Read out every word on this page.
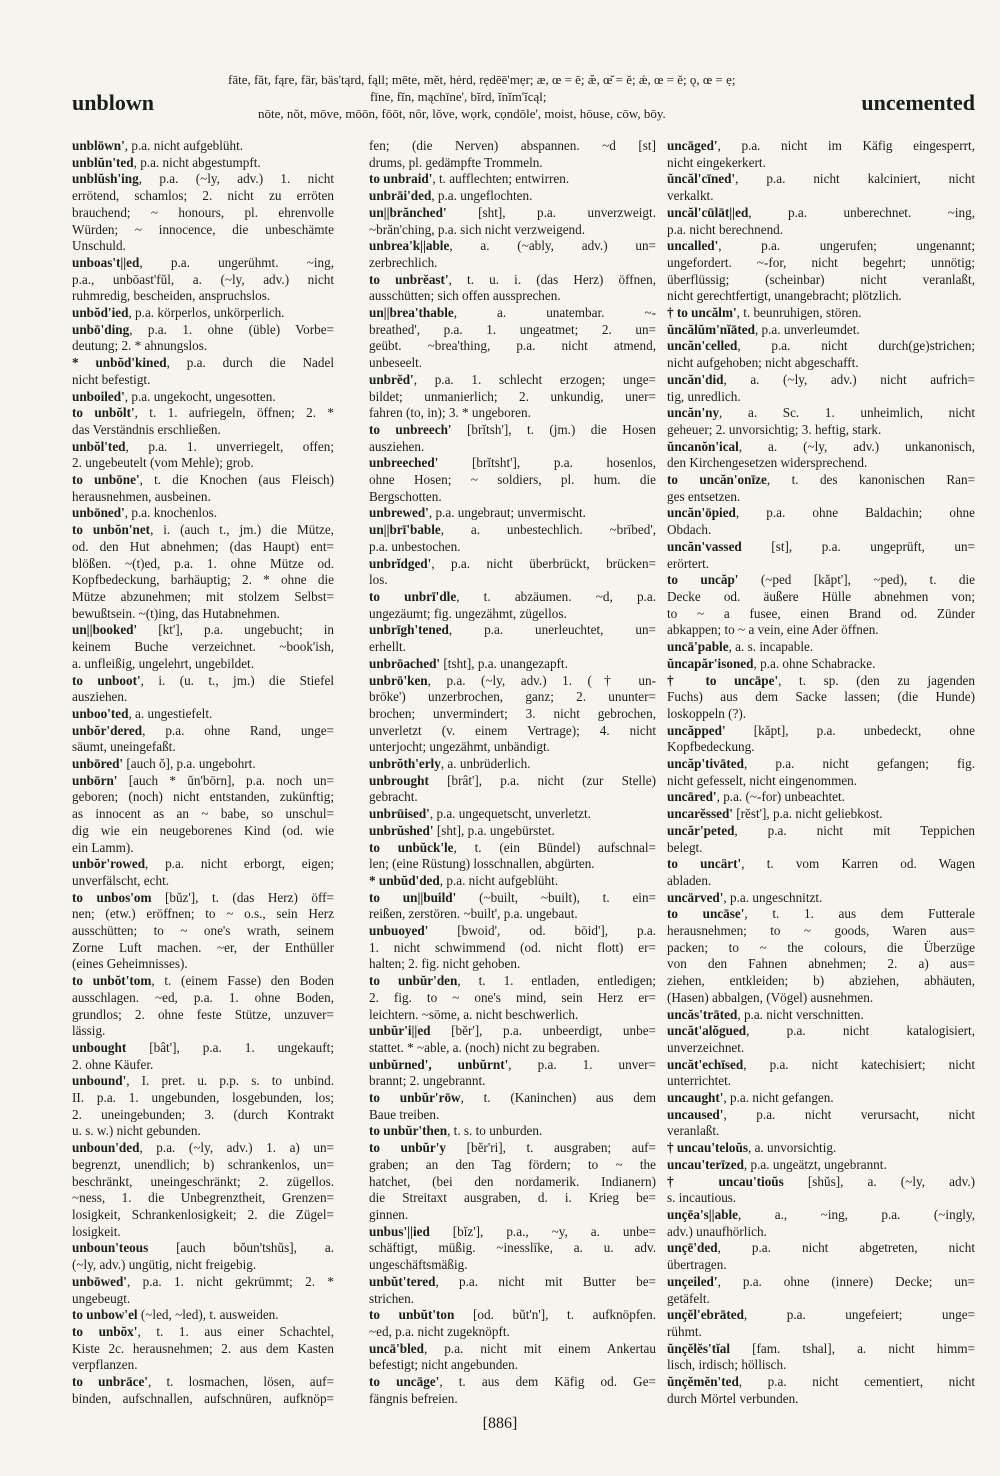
unblown
fāte, făt, fąre, fär, bäs'tąrd, fąll; mēte, mĕt, hėrd, rẹdēē'mẹr; æ, œ = ē; æ̆, œ̆ = ĕ; ǽ, œ = ĕ; ǫ, œ = ẹ;
fīne, fĭn, mąchīne', bĭrd, ĭnĭm'ĭcąl;
nōte, nŏt, mōve, mōōn, fōōt, nôr, lŏve, wọrk, cọndōle', moist, hōuse, cōw, bōy.	uncemented
unblōwn', p.a. nicht aufgeblüht.
unblŭn'ted, p.a. nicht abgestumpft.
unblŭsh'ing, p.a. (~ly, adv.) 1. nicht
errötend, schamlos; 2. nicht zu erröten
brauchend; ~ honours, pl. ehrenvolle
Würden; ~ innocence, die unbeschämte
Unschuld.
unboas't||ed, p.a. ungerühmt. ~ing,
p.a., unbōast'fŭl, a. (~ly, adv.) nicht
ruhmredig, bescheiden, anspruchslos.
unbŏd'ied, p.a. körperlos, unkörperlich.
unbō'ding, p.a. 1. ohne (üble) Vorbe=
deutung; 2. * ahnungslos.
* unbŏd'kined, p.a. durch die Nadel
nicht befestigt.
unboiled', p.a. ungekocht, ungesotten.
to unbŏlt', t. 1. aufriegeln, öffnen; 2. *
das Verständnis erschließen.
unbŏl'ted, p.a. 1. unverriegelt, offen;
2. ungebeutelt (vom Mehle); grob.
to unbōne', t. die Knochen (aus Fleisch)
herausnehmen, ausbeinen.
unbōned', p.a. knochenlos.
to unbŏn'net, i. (auch t., jm.) die Mütze,
od. den Hut abnehmen; (das Haupt) ent=
blößen. ~(t)ed, p.a. 1. ohne Mütze od.
Kopfbedeckung, barhäuptig; 2. * ohne die
Mütze abzunehmen; mit stolzem Selbst=
bewußtsein. ~(t)ing, das Hutabnehmen.
un||booked' [kt'], p.a. ungebucht; in
keinem Buche verzeichnet. ~book'ish,
a. unfleißig, ungelehrt, ungebildet.
to unboot', i. (u. t., jm.) die Stiefel
ausziehen.
unboo'ted, a. ungestiefelt.
unbŏr'dered, p.a. ohne Rand, unge=
säumt, uneingefaßt.
unbōred' [auch ŏ], p.a. ungebohrt.
unbōrn' [auch * ŭn'bōrn], p.a. noch un=
geboren; (noch) nicht entstanden, zukünftig;
as innocent as an ~ babe, so unschul=
dig wie ein neugeborenes Kind (od. wie
ein Lamm).
unbŏr'rowed, p.a. nicht erborgt, eigen;
unverfälscht, echt.
to unbos'om [bŭz'], t. (das Herz) öff=
nen; (etw.) eröffnen; to ~ o.s., sein Herz
ausschütten; to ~ one's wrath, seinem
Zorne Luft machen. ~er, der Enthüller
(eines Geheimnisses).
to unbŏt'tom, t. (einem Fasse) den Boden
ausschlagen. ~ed, p.a. 1. ohne Boden,
grundlos; 2. ohne feste Stütze, unzuver=
lässig.
unbought [bât'], p.a. 1. ungekauft;
2. ohne Käufer.
unbound', I. pret. u. p.p. s. to unbind.
II. p.a. 1. ungebunden, losgebunden, los;
2. uneingebunden; 3. (durch Kontrakt
u. s. w.) nicht gebunden.
unboun'ded, p.a. (~ly, adv.) 1. a) un=
begrenzt, unendlich; b) schrankenlos, un=
beschränkt, uneingeschränkt; 2. zügellos.
~ness, 1. die Unbegrenztheit, Grenzen=
losigkeit, Schrankenlosigkeit; 2. die Zügel=
losigkeit.
unboun'teous [auch bŏun'tshŭs], a.
(~ly, adv.) ungütig, nicht freigebig.
unbōwed', p.a. 1. nicht gekrümmt; 2. *
ungebeugt.
to unbow'el (~led, ~led), t. ausweiden.
to unbŏx', t. 1. aus einer Schachtel,
Kiste 2c. herausnehmen; 2. aus dem Kasten
verpflanzen.
to unbrāce', t. losmachen, lösen, auf=
binden, aufschnallen, aufschnüren, aufknöp=
fen; (die Nerven) abspannen. ~d [st]
drums, pl. gedämpfte Trommeln.
to unbraid', t. aufflechten; entwirren.
unbrāi'ded, p.a. ungeflochten.
un||brănched' [sht], p.a. unverzweigt.
~brăn'ching, p.a. sich nicht verzweigend.
unbrea'k||able, a. (~ably, adv.) un=
zerbrechlich.
to unbrĕast', t. u. i. (das Herz) öffnen,
ausschütten; sich offen aussprechen.
un||brea'thable, a. unatembar. ~-
breathed', p.a. 1. ungeatmet; 2. un=
geübt. ~brea'thing, p.a. nicht atmend,
unbeseelt.
unbrĕd', p.a. 1. schlecht erzogen; unge=
bildet; unmanierlich; 2. unkundig, uner=
fahren (to, in); 3. * ungeboren.
to unbreech' [brĭtsh'], t. (jm.) die Hosen
ausziehen.
unbreeched' [brĭtsht'], p.a. hosenlos,
ohne Hosen; ~ soldiers, pl. hum. die
Bergschotten.
unbrewed', p.a. ungebraut; unvermischt.
un||brī'bable, a. unbestechlich. ~brībed',
p.a. unbestochen.
unbrĭdged', p.a. nicht überbrückt, brücken=
los.
to unbrī'dle, t. abzäumen. ~d, p.a.
ungezäumt; fig. ungezähmt, zügellos.
unbrīgh'tened, p.a. unerleuchtet, un=
erhellt.
unbrōached' [tsht], p.a. unangezapft.
unbrō'ken, p.a. (~ly, adv.) 1. († un-
brōke') unzerbrochen, ganz; 2. ununter=
brochen; unvermindert; 3. nicht gebrochen,
unverletzt (v. einem Vertrage); 4. nicht
unterjocht; ungezähmt, unbändigt.
unbrŏth'erly, a. unbrüderlich.
unbrought [brât'], p.a. nicht (zur Stelle)
gebracht.
unbrūised', p.a. ungequetscht, unverletzt.
unbrŭshed' [sht], p.a. ungebürstet.
to unbŭck'le, t. (ein Bündel) aufschnal=
len; (eine Rüstung) losschnallen, abgürten.
* unbŭd'ded, p.a. nicht aufgeblüht.
to un||build' (~built, ~built), t. ein=
reißen, zerstören. ~built', p.a. ungebaut.
unbuoyed' [bwoid', od. bōid'], p.a.
1. nicht schwimmend (od. nicht flott) er=
halten; 2. fig. nicht gehoben.
to unbŭr'den, t. 1. entladen, entledigen;
2. fig. to ~ one's mind, sein Herz er=
leichtern. ~sōme, a. nicht beschwerlich.
unbŭr'i||ed [bĕr'], p.a. unbeerdigt, unbe=
stattet. * ~able, a. (noch) nicht zu begraben.
unbŭrned', unbŭrnt', p.a. 1. unver=
brannt; 2. ungebrannt.
to unbŭr'rōw, t. (Kaninchen) aus dem
Baue treiben.
to unbŭr'then, t. s. to unburden.
to unbŭr'y [bĕr'ri], t. ausgraben; auf=
graben; an den Tag fördern; to ~ the
hatchet, (bei den nordamerik. Indianern)
die Streitaxt ausgraben, d. i. Krieg be=
ginnen.
unbus'||ied [bĭz'], p.a., ~y, a. unbe=
schäftigt, müßig. ~inesslīke, a. u. adv.
ungeschäftsmäßig.
unbŭt'tered, p.a. nicht mit Butter be=
strichen.
to unbŭt'ton [od. bŭt'n'], t. aufknöpfen.
~ed, p.a. nicht zugeknöpft.
uncā'bled, p.a. nicht mit einem Ankertau
befestigt; nicht angebunden.
to uncāge', t. aus dem Käfig od. Ge=
fängnis befreien.
uncāged', p.a. nicht im Käfig eingesperrt,
nicht eingekerkert.
ŭncăl'cīned', p.a. nicht kalciniert, nicht
verkalkt.
uncăl'cūlāt||ed, p.a. unberechnet. ~ing,
p.a. nicht berechnend.
uncalled', p.a. ungerufen; ungenannt;
ungefordert. ~-for, nicht begehrt; unnötig;
überflüssig; (scheinbar) nicht veranlaßt,
nicht gerechtfertigt, unangebracht; plötzlich.
† to uncălm', t. beunruhigen, stören.
ŭncălŭm'nĭāted, p.a. unverleumdet.
uncăn'celled, p.a. nicht durch(ge)strichen;
nicht aufgehoben; nicht abgeschafft.
uncăn'did, a. (~ly, adv.) nicht aufrich=
tig, unredlich.
uncăn'ny, a. Sc. 1. unheimlich, nicht
geheuer; 2. unvorsichtig; 3. heftig, stark.
ŭncanŏn'ical, a. (~ly, adv.) unkanonisch,
den Kirchengesetzen widersprechend.
to uncăn'onīze, t. des kanonischen Ran=
ges entsetzen.
uncăn'ōpied, p.a. ohne Baldachin; ohne
Obdach.
uncăn'vassed [st], p.a. ungeprüft, un=
erörtert.
to uncăp' (~ped [kăpt'], ~ped), t. die
Decke od. äußere Hülle abnehmen von;
to ~ a fusee, einen Brand od. Zünder
abkappen; to ~ a vein, eine Ader öffnen.
uncā'pable, a. s. incapable.
ŭncapăr'isoned, p.a. ohne Schabracke.
† to uncāpe', t. sp. (den zu jagenden
Fuchs) aus dem Sacke lassen; (die Hunde)
loskoppeln (?).
uncăpped' [kăpt], p.a. unbedeckt, ohne
Kopfbedeckung.
uncăp'tivāted, p.a. nicht gefangen; fig.
nicht gefesselt, nicht eingenommen.
uncāred', p.a. (~-for) unbeachtet.
uncarĕssed' [rĕst'], p.a. nicht geliebkost.
uncăr'peted, p.a. nicht mit Teppichen
belegt.
to uncärt', t. vom Karren od. Wagen
abladen.
uncärved', p.a. ungeschnitzt.
to uncāse', t. 1. aus dem Futterale
herausnehmen; to ~ goods, Waren aus=
packen; to ~ the colours, die Überzüge
von den Fahnen abnehmen; 2. a) aus=
ziehen, entkleiden; b) abziehen, abhäuten,
(Hasen) abbalgen, (Vögel) ausnehmen.
uncăs'trāted, p.a. nicht verschnitten.
uncăt'alŏgued, p.a. nicht katalogisiert,
unverzeichnet.
uncăt'echīsed, p.a. nicht katechisiert; nicht
unterrichtet.
uncaught', p.a. nicht gefangen.
uncaused', p.a. nicht verursacht, nicht
veranlaßt.
† uncau'teloŭs, a. unvorsichtig.
uncau'terīzed, p.a. ungeätzt, ungebrannt.
† uncau'tioŭs [shŭs], a. (~ly, adv.)
s. incautious.
unçēa's||able, a., ~ing, p.a. (~ingly,
adv.) unaufhörlich.
unçē'ded, p.a. nicht abgetreten, nicht
übertragen.
unçeiled', p.a. ohne (innere) Decke; un=
getäfelt.
unçĕl'ebrāted, p.a. ungefeiert; unge=
rühmt.
ŭnçĕlĕs'tĭal [fam. tshal], a. nicht himm=
lisch, irdisch; höllisch.
ŭnçĕmĕn'ted, p.a. nicht cementiert, nicht
durch Mörtel verbunden.
[886]
